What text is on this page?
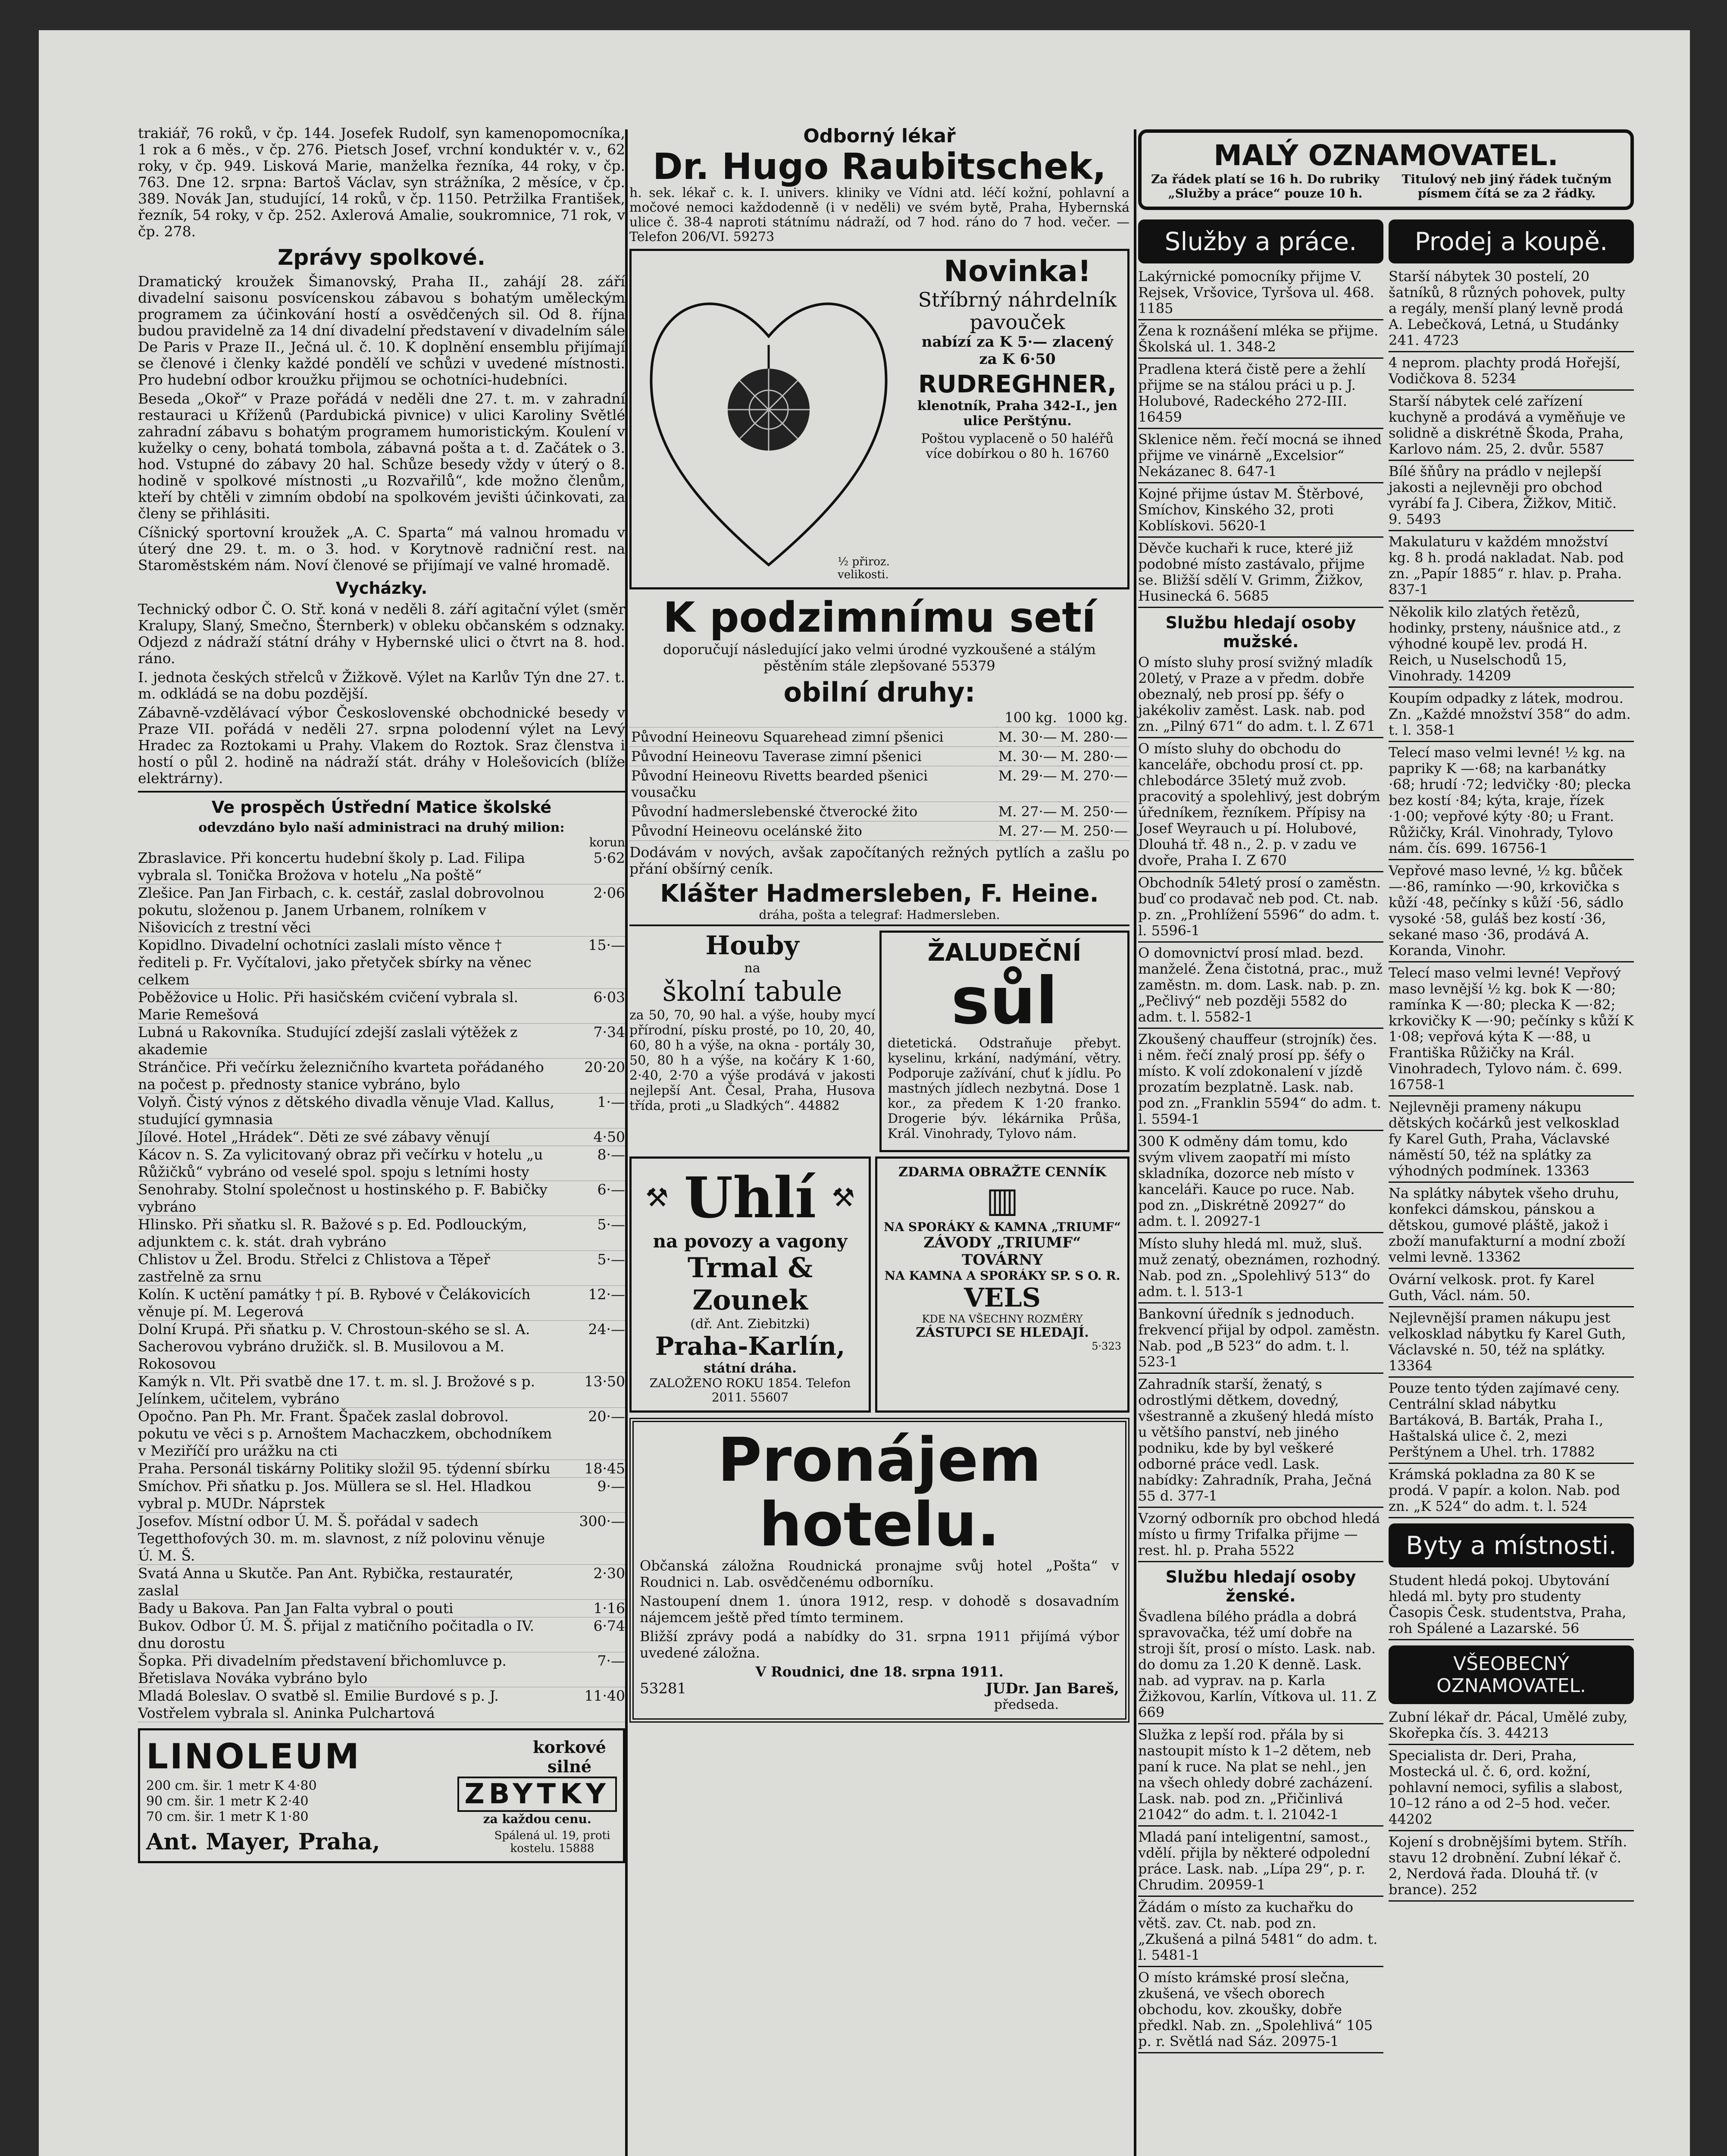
trakiář, 76 roků, v čp. 144. Josefek Rudolf, syn kamenopomocníka, 1 rok a 6 měs., v čp. 276. Pietsch Josef, vrchní konduktér v. v., 62 roky, v čp. 949. Lisková Marie, manželka řezníka, 44 roky, v čp. 763. Dne 12. srpna: Bartoš Václav, syn strážníka, 2 měsíce, v čp. 389. Novák Jan, studující, 14 roků, v čp. 1150. Petržilka František, řezník, 54 roky, v čp. 252. Axlerová Amalie, soukromnice, 71 rok, v čp. 278.

Zprávy spolkové.

Dramatický kroužek Šimanovský, Praha II., zahájí 28. září divadelní saisonu posvícenskou zábavou s bohatým uměleckým programem za účinkování hostí a osvědčených sil. Od 8. října budou pravidelně za 14 dní divadelní představení v divadelním sále De Paris v Praze II., Ječná ul. č. 10. K doplnění ensemblu přijímají se členové i členky každé pondělí ve schůzi v uvedené místnosti. Pro hudební odbor kroužku přijmou se ochotníci-hudebníci.

Beseda „Okoř“ v Praze pořádá v neděli dne 27. t. m. v zahradní restauraci u Kříženů (Pardubická pivnice) v ulici Karoliny Světlé zahradní zábavu s bohatým programem humoristickým. Koulení v kuželky o ceny, bohatá tombola, zábavná pošta a t. d. Začátek o 3. hod. Vstupné do zábavy 20 hal. Schůze besedy vždy v úterý o 8. hodině v spolkové místnosti „u Rozvařilů“, kde možno členům, kteří by chtěli v zimním období na spolkovém jevišti účinkovati, za členy se přihlásiti.

Cíšnický sportovní kroužek „A. C. Sparta“ má valnou hromadu v úterý dne 29. t. m. o 3. hod. v Korytnově radniční rest. na Staroměstském nám. Noví členové se přijímají ve valné hromadě.

Vycházky.

Technický odbor Č. O. Stř. koná v neděli 8. září agitační výlet (směr Kralupy, Slaný, Smečno, Šternberk) v obleku občanském s odznaky. Odjezd z nádraží státní dráhy v Hybernské ulici o čtvrt na 8. hod. ráno.

I. jednota českých střelců v Žižkově. Výlet na Karlův Týn dne 27. t. m. odkládá se na dobu pozdější.

Zábavně-vzdělávací výbor Československé obchodnické besedy v Praze VII. pořádá v neděli 27. srpna polodenní výlet na Levý Hradec za Roztokami u Prahy. Vlakem do Roztok. Sraz členstva i hostí o půl 2. hodině na nádraží stát. dráhy v Holešovicích (blíže elektrárny).

Ve prospěch Ústřední Matice školské
odevzdáno bylo naší administraci na druhý milion:
korun
Zbraslavice. Při koncertu hudební školy p. Lad. Filipa vybrala sl. Tonička Brožova v hotelu „Na poště“
5·62
Zlešice. Pan Jan Firbach, c. k. cestář, zaslal dobrovolnou pokutu, složenou p. Janem Urbanem, rolníkem v Nišovicích z trestní věci
2·06
Kopidlno. Divadelní ochotníci zaslali místo věnce † řediteli p. Fr. Vyčítalovi, jako přetyček sbírky na věnec celkem
15·—
Poběžovice u Holic. Při hasičském cvičení vybrala sl. Marie Remešová
6·03
Lubná u Rakovníka. Studující zdejší zaslali výtěžek z akademie
7·34
Stránčice. Při večírku železničního kvarteta pořádaného na počest p. přednosty stanice vybráno, bylo
20·20
Volyň. Čistý výnos z dětského divadla věnuje Vlad. Kallus, studující gymnasia
1·—
Jílové. Hotel „Hrádek“. Děti ze své zábavy věnují	4·50
Kácov n. S. Za vylicitovaný obraz při večírku v hotelu „u Růžičků“ vybráno od veselé spol. spoju s letními hosty
8·—
Senohraby. Stolní společnost u hostinského p. F. Babičky vybráno
6·—
Hlinsko. Při sňatku sl. R. Bažové s p. Ed. Podlouckým, adjunktem c. k. stát. drah vybráno
5·—
Chlistov u Žel. Brodu. Střelci z Chlistova a Těpeř zastřelně za srnu
5·—
Kolín. K uctění památky † pí. B. Rybové v Čelákovicích věnuje pí. M. Legerová
12·—
Dolní Krupá. Při sňatku p. V. Chrostoun-ského se sl. A. Sacherovou vybráno družičk. sl. B. Musilovou a M. Rokosovou
24·—
Kamýk n. Vlt. Při svatbě dne 17. t. m. sl. J. Brožové s p. Jelínkem, učitelem, vybráno
13·50
Opočno. Pan Ph. Mr. Frant. Špaček zaslal dobrovol. pokutu ve věci s p. Arnoštem Machaczkem, obchodníkem v Meziříčí pro urážku na cti
20·—
Praha. Personál tiskárny Politiky složil 95. týdenní sbírku	18·45
Smíchov. Při sňatku p. Jos. Müllera se sl. Hel. Hladkou vybral p. MUDr. Náprstek
9·—
Josefov. Místní odbor Ú. M. Š. pořádal v sadech Tegetthofových 30. m. m. slavnost, z níž polovinu věnuje Ú. M. Š.
300·—
Svatá Anna u Skutče. Pan Ant. Rybička, restauratér, zaslal
2·30
Bady u Bakova. Pan Jan Falta vybral o pouti	1·16
Bukov. Odbor Ú. M. Š. přijal z matičního počitadla o IV. dnu dorostu
6·74
Šopka. Při divadelním představení břichomluvce p. Břetislava Nováka vybráno bylo
7·—
Mladá Boleslav. O svatbě sl. Emilie Burdové s p. J. Vostřelem vybrala sl. Aninka Pulchartová
11·40
LINOLEUM	korkové silné
200 cm. šir. 1 metr K 4·80
90 cm. šir. 1 metr K 2·40
70 cm. šir. 1 metr K 1·80
ZBYTKY
za každou cenu.
Ant. Mayer, Praha,	Spálená ul. 19, proti kostelu. 15888
Odborný lékař
Dr. Hugo Raubitschek,

h. sek. lékař c. k. I. univers. kliniky ve Vídni atd. léčí kožní, pohlavní a močové nemoci každodenně (i v neděli) ve svém bytě, Praha, Hybernská ulice č. 38-4 naproti státnímu nádraží, od 7 hod. ráno do 7 hod. večer. — Telefon 206/VI. 59273

½ přiroz. velikosti.
Novinka!
Stříbrný náhrdelník pavouček
nabízí za K 5·— zlacený za K 6·50
RUDREGHNER,
klenotník, Praha 342-I., jen ulice Perštýnu.
Poštou vyplaceně o 50 haléřů více dobírkou o 80 h. 16760
K podzimnímu setí

doporučují následující jako velmi úrodné vyzkoušené a stálým pěstěním stále zlepšované 55379

obilní druhy:
	100 kg.	1000 kg.
Původní Heineovu Squarehead zimní pšenici	M. 30·—	M. 280·—
Původní Heineovu Taverase zimní pšenici	M. 30·—	M. 280·—
Původní Heineovu Rivetts bearded pšenici vousačku	M. 29·—	M. 270·—
Původní hadmerslebenské čtverocké žito	M. 27·—	M. 250·—
Původní Heineovu ocelánské žito	M. 27·—	M. 250·—

Dodávám v nových, avšak započítaných režných pytlích a zašlu po přání obšírný ceník.

Klášter Hadmersleben, F. Heine.
dráha, pošta a telegraf: Hadmersleben.
Houby
na
školní tabule

za 50, 70, 90 hal. a výše, houby mycí přírodní, písku prosté, po 10, 20, 40, 60, 80 h a výše, na okna - portály 30, 50, 80 h a výše, na kočáry K 1·60, 2·40, 2·70 a výše prodává v jakosti nejlepší Ant. Česal, Praha, Husova třída, proti „u Sladkých“. 44882

ŽALUDEČNÍ
sůl

dietetická. Odstraňuje přebyt. kyselinu, krkání, nadýmání, větry. Podporuje zažívání, chuť k jídlu. Po mastných jídlech nezbytná. Dose 1 kor., za předem K 1·20 franko. Drogerie býv. lékárnika Průša, Král. Vinohrady, Tylovo nám.

⚒ Uhlí ⚒
na povozy a vagony
Trmal & Zounek
(dř. Ant. Ziebitzki)
Praha-Karlín,
státní dráha.
ZALOŽENO ROKU 1854. Telefon 2011. 55607
ZDARMA OBRAŽTE CENNÍK
▥
NA SPORÁKY & KAMNA „TRIUMF“
ZÁVODY „TRIUMF“ TOVÁRNY
NA KAMNA A SPORÁKY SP. S O. R.
VELS
KDE NA VŠECHNY ROZMĚRY
ZÁSTUPCI SE HLEDAJÍ.
5·323
Pronájem
hotelu.

Občanská záložna Roudnická pronajme svůj hotel „Pošta“ v Roudnici n. Lab. osvědčenému odborníku.

Nastoupení dnem 1. února 1912, resp. v dohodě s dosavadním nájemcem ještě před tímto terminem.

Bližší zprávy podá a nabídky do 31. srpna 1911 přijímá výbor uvedené záložna.

V Roudnici, dne 18. srpna 1911.
53281	JUDr. Jan Bareš,
předseda.
MALÝ OZNAMOVATEL.
Za řádek platí se 16 h. Do rubriky „Služby a práce“ pouze 10 h.
Titulový neb jiný řádek tučným písmem čítá se za 2 řádky.
Služby a práce.

Lakýrnické pomocníky přijme V. Rejsek, Vršovice, Tyršova ul. 468. 1185

Žena k roznášení mléka se přijme. Školská ul. 1. 348-2

Pradlena která čistě pere a žehlí přijme se na stálou práci u p. J. Holubové, Radeckého 272-III. 16459

Sklenice něm. řečí mocná se ihned přijme ve vinárně „Excelsior“ Nekázanec 8. 647-1

Kojné přijme ústav M. Štěrbové, Smíchov, Kinského 32, proti Koblískovi. 5620-1

Děvče kuchaři k ruce, které již podobné místo zastávalo, přijme se. Bližší sdělí V. Grimm, Žižkov, Husinecká 6. 5685

Službu hledají osoby mužské.

O místo sluhy prosí svižný mladík 20letý, v Praze a v předm. dobře obeznalý, neb prosí pp. šéfy o jakékoliv zaměst. Lask. nab. pod zn. „Pilný 671“ do adm. t. l. Z 671

O místo sluhy do obchodu do kanceláře, obchodu prosí ct. pp. chlebodárce 35letý muž zvob. pracovitý a spolehlivý, jest dobrým úředníkem, řezníkem. Přípisy na Josef Weyrauch u pí. Holubové, Dlouhá tř. 48 n., 2. p. v zadu ve dvoře, Praha I. Z 670

Obchodník 54letý prosí o zaměstn. buď co prodavač neb pod. Ct. nab. p. zn. „Prohlížení 5596“ do adm. t. l. 5596-1

O domovnictví prosí mlad. bezd. manželé. Žena čistotná, prac., muž zaměstn. m. dom. Lask. nab. p. zn. „Pečlivý“ neb později 5582 do adm. t. l. 5582-1

Zkoušený chauffeur (strojník) čes. i něm. řečí znalý prosí pp. šéfy o místo. K volí zdokonalení v jízdě prozatím bezplatně. Lask. nab. pod zn. „Franklin 5594“ do adm. t. l. 5594-1

300 K odměny dám tomu, kdo svým vlivem zaopatří mi místo skladníka, dozorce neb místo v kanceláři. Kauce po ruce. Nab. pod zn. „Diskrétně 20927“ do adm. t. l. 20927-1

Místo sluhy hledá ml. muž, sluš. muž zenatý, obeznámen, rozhodný. Nab. pod zn. „Spolehlivý 513“ do adm. t. l. 513-1

Bankovní úředník s jednoduch. frekvencí přijal by odpol. zaměstn. Nab. pod „B 523“ do adm. t. l. 523-1

Zahradník starší, ženatý, s odrostlými dětkem, dovedný, všestranně a zkušený hledá místo u většího panství, neb jiného podniku, kde by byl veškeré odborné práce vedl. Lask. nabídky: Zahradník, Praha, Ječná 55 d. 377-1

Vzorný odborník pro obchod hledá místo u firmy Trifalka přijme — rest. hl. p. Praha 5522

Službu hledají osoby ženské.

Švadlena bílého prádla a dobrá spravovačka, též umí dobře na stroji šít, prosí o místo. Lask. nab. do domu za 1.20 K denně. Lask. nab. ad vyprav. na p. Karla Žižkovou, Karlín, Vítkova ul. 11. Z 669

Služka z lepší rod. přála by si nastoupit místo k 1–2 dětem, neb paní k ruce. Na plat se nehl., jen na všech ohledy dobré zacházení. Lask. nab. pod zn. „Přičinlivá 21042“ do adm. t. l. 21042-1

Mladá paní inteligentní, samost., vdělí. přijla by některé odpolední práce. Lask. nab. „Lípa 29“, p. r. Chrudim. 20959-1

Žádám o místo za kuchařku do větš. zav. Ct. nab. pod zn. „Zkušená a pilná 5481“ do adm. t. l. 5481-1

O místo krámské prosí slečna, zkušená, ve všech oborech obchodu, kov. zkoušky, dobře předkl. Nab. zn. „Spolehlivá“ 105 p. r. Světlá nad Sáz. 20975-1

Prodej a koupě.

Starší nábytek 30 postelí, 20 šatníků, 8 různých pohovek, pulty a regály, menší planý levně prodá A. Lebečková, Letná, u Studánky 241. 4723

4 neprom. plachty prodá Hořejší, Vodičkova 8. 5234

Starší nábytek celé zařízení kuchyně a prodává a vyměňuje ve solidně a diskrétně Škoda, Praha, Karlovo nám. 25, 2. dvůr. 5587

Bílé šňůry na prádlo v nejlepší jakosti a nejlevněji pro obchod vyrábí fa J. Cibera, Žižkov, Mitič. 9. 5493

Makulaturu v každém množství kg. 8 h. prodá nakladat. Nab. pod zn. „Papír 1885“ r. hlav. p. Praha. 837-1

Několik kilo zlatých řetězů, hodinky, prsteny, náušnice atd., z výhodné koupě lev. prodá H. Reich, u Nuselschodů 15, Vinohrady. 14209

Koupím odpadky z látek, modrou. Zn. „Každé množství 358“ do adm. t. l. 358-1

Telecí maso velmi levné! ½ kg. na papriky K —·68; na karbanátky ·68; hrudí ·72; ledvičky ·80; plecka bez kostí ·84; kýta, kraje, řízek ·1·00; vepřové kýty ·80; u Frant. Růžičky, Král. Vinohrady, Tylovo nám. čís. 699. 16756-1

Vepřové maso levné, ½ kg. bůček —·86, ramínko —·90, krkovička s kůží ·48, pečínky s kůží ·56, sádlo vysoké ·58, guláš bez kostí ·36, sekané maso ·36, prodává A. Koranda, Vinohr.

Telecí maso velmi levné! Vepřový maso levnější ½ kg. bok K —·80; ramínka K —·80; plecka K —·82; krkovičky K —·90; pečínky s kůží K 1·08; vepřová kýta K —·88, u Františka Růžičky na Král. Vinohradech, Tylovo nám. č. 699. 16758-1

Nejlevněji prameny nákupu dětských kočárků jest velkosklad fy Karel Guth, Praha, Václavské náměstí 50, též na splátky za výhodných podmínek. 13363

Na splátky nábytek všeho druhu, konfekci dámskou, pánskou a dětskou, gumové pláště, jakož i zboží manufakturní a modní zboží velmi levně. 13362

Ovární velkosk. prot. fy Karel Guth, Václ. nám. 50.

Nejlevnější pramen nákupu jest velkosklad nábytku fy Karel Guth, Václavské n. 50, též na splátky. 13364

Pouze tento týden zajímavé ceny. Centrální sklad nábytku Bartáková, B. Barták, Praha I., Haštalská ulice č. 2, mezi Perštýnem a Uhel. trh. 17882

Krámská pokladna za 80 K se prodá. V papír. a kolon. Nab. pod zn. „K 524“ do adm. t. l. 524

Byty a místnosti.

Student hledá pokoj. Ubytování hledá ml. byty pro studenty Časopis Česk. studentstva, Praha, roh Spálené a Lazarské. 56

VŠEOBECNÝ OZNAMOVATEL.

Zubní lékař dr. Pácal, Umělé zuby, Skořepka čís. 3. 44213

Specialista dr. Deri, Praha, Mostecká ul. č. 6, ord. kožní, pohlavní nemoci, syfilis a slabost, 10–12 ráno a od 2–5 hod. večer. 44202

Kojení s drobnějšími bytem. Stříh. stavu 12 drobnění. Zubní lékař č. 2, Nerdová řada. Dlouhá tř. (v brance). 252
